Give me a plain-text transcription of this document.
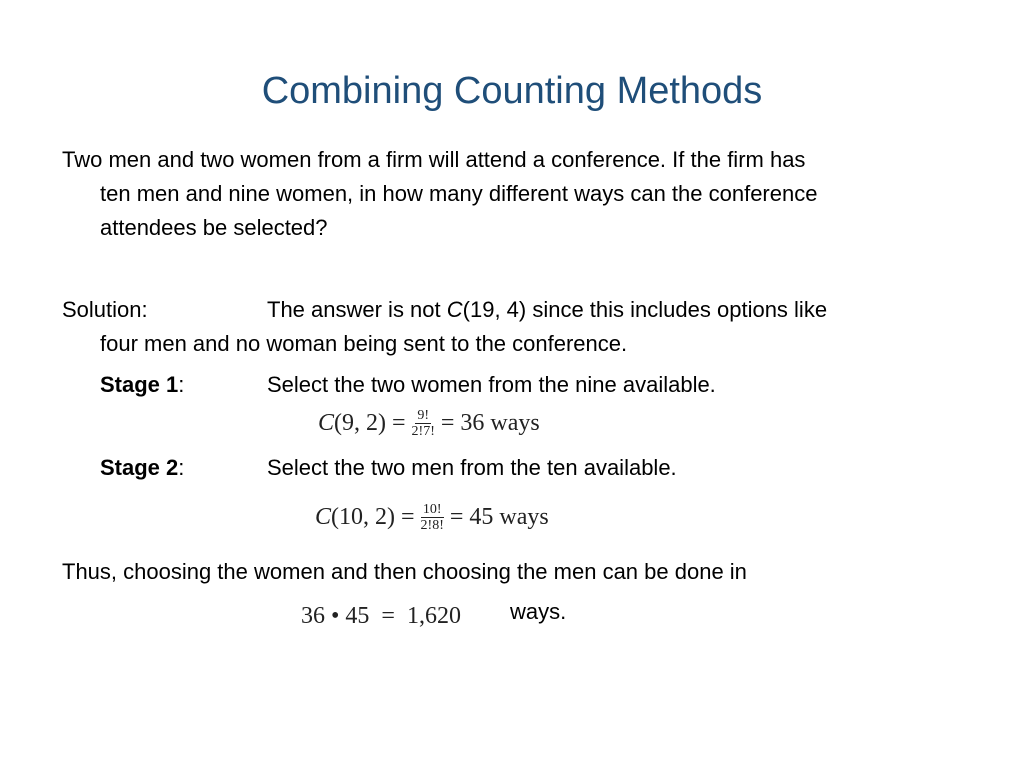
Combining Counting Methods
Two men and two women from a firm will attend a conference. If the firm has
ten men and nine women, in how many different ways can the conference
attendees be selected?
Solution:	The answer is not C(19, 4) since this includes options like
four men and no woman being sent to the conference.
Stage 1:	Select the two women from the nine available.
C (9, $2) = \frac{9!}{2!7!} = 36$ ways
Stage 2:	Select the two men from the ten available.
C (10, $2) = \frac{10!}{2!8!} = 45$ ways
Thus, choosing the women and then choosing the men can be done in
36 • 45  =  1,620 ways.
